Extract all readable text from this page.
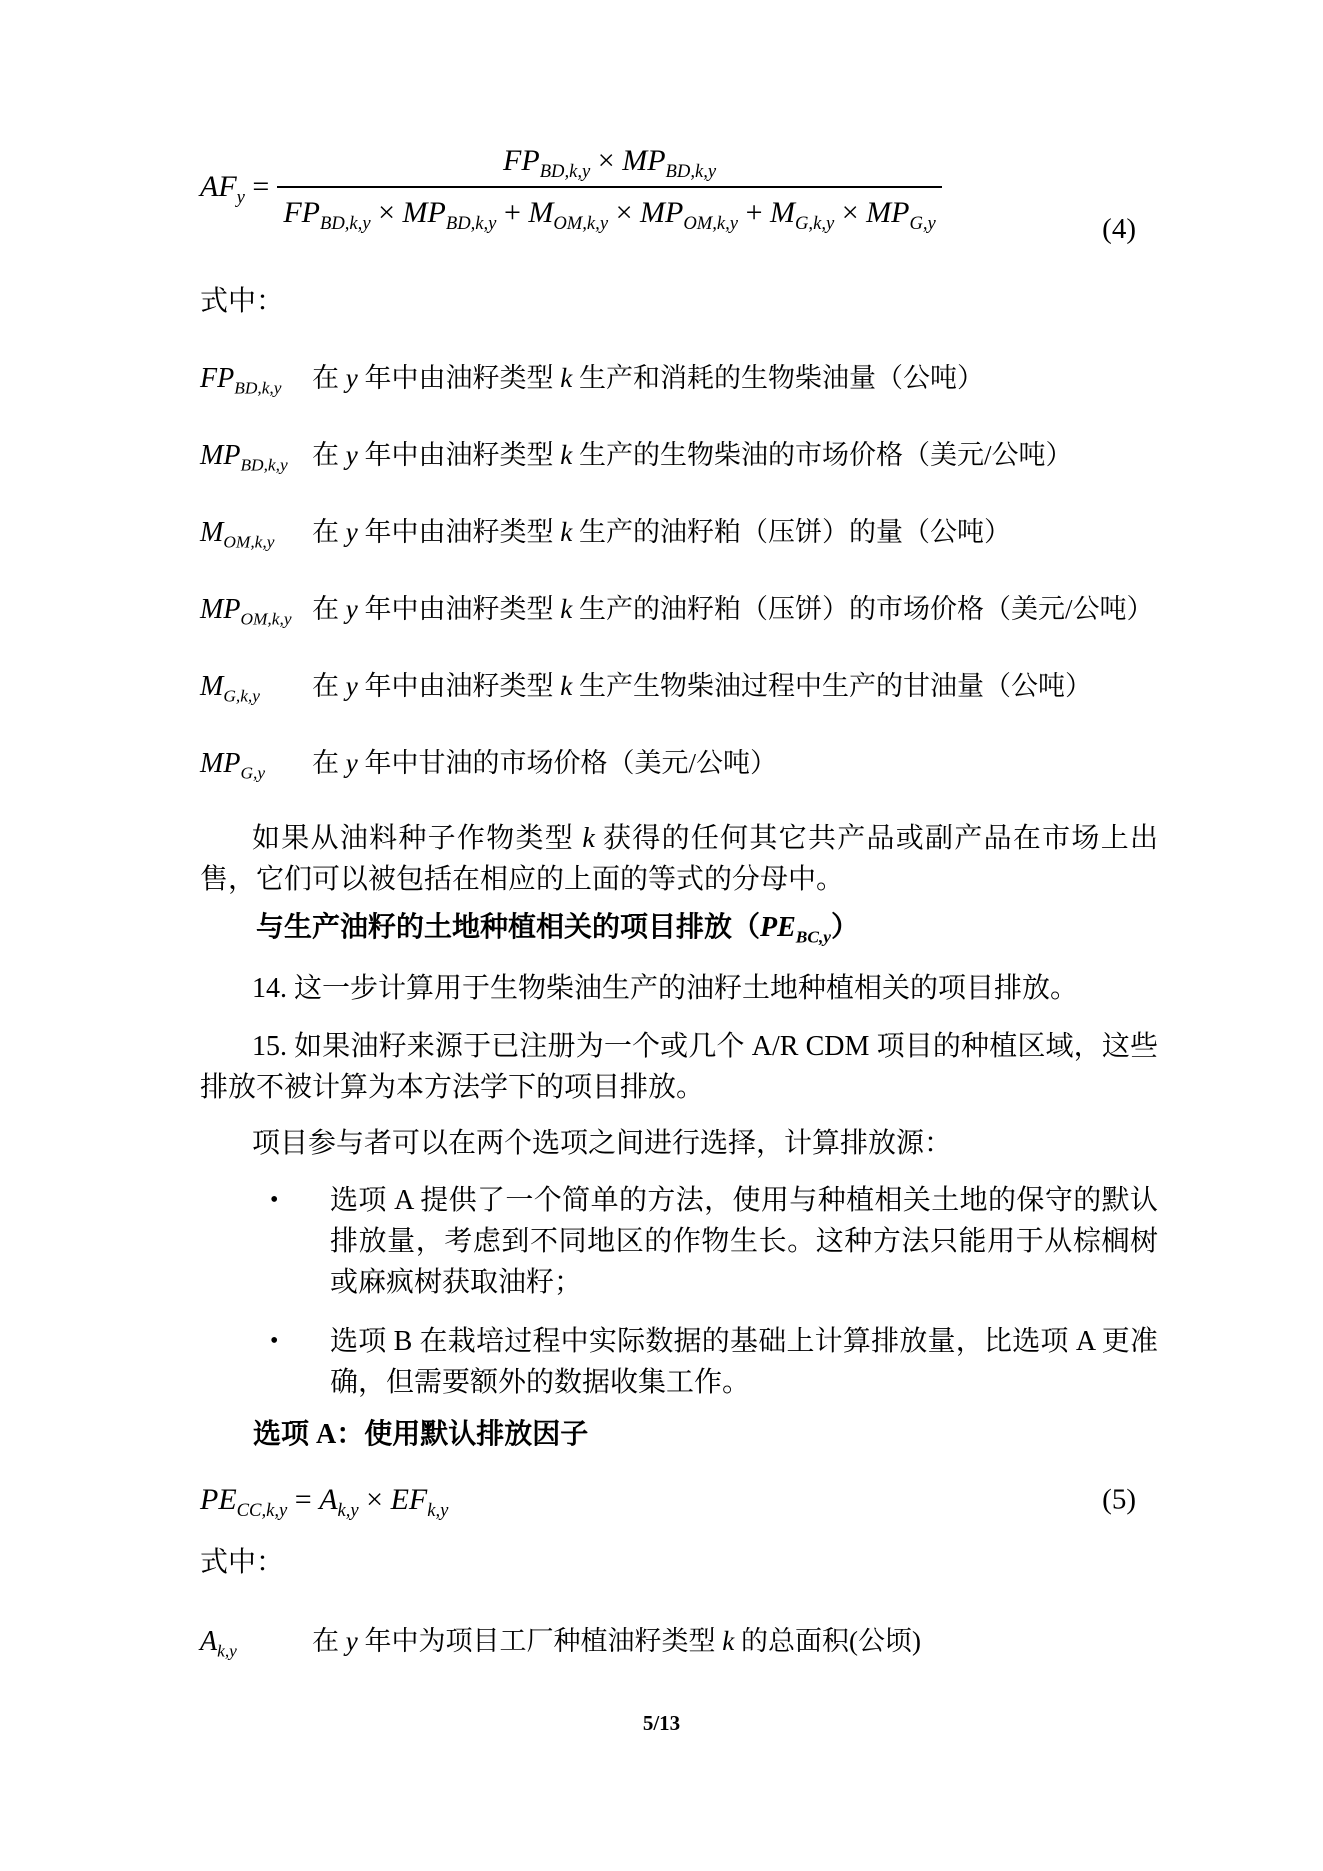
$AF_y = \frac{FP_{BD,k,y} \times MP_{BD,k,y}}{FP_{BD,k,y} \times MP_{BD,k,y} + M_{OM,k,y} \times MP_{OM,k,y} + M_{G,k,y} \times MP_{G,y}}$	(4)
式中：
$FP_{BD,k,y}$	在 y 年中由油籽类型 k 生产和消耗的生物柴油量（公吨）
$MP_{BD,k,y}$ 在 y 年中由油籽类型 k 生产的生物柴油的市场价格（美元/公吨）
$M_{OM,k,y}$	在 y 年中由油籽类型 k 生产的油籽粕（压饼）的量（公吨）
$MP_{OM,k,y}$ 在 y 年中由油籽类型 k 生产的油籽粕（压饼）的市场价格（美元/公吨）
$M_{G,k,y}$	在 y 年中由油籽类型 k 生产生物柴油过程中生产的甘油量（公吨）
$MP_{G,y}$	在 y 年中甘油的市场价格（美元/公吨）

如果从油料种子作物类型 k 获得的任何其它共产品或副产品在市场上出售，它们可以被包括在相应的上面的等式的分母中。

与生产油籽的土地种植相关的项目排放$(PE_{BC,y})$

14. 这一步计算用于生物柴油生产的油籽土地种植相关的项目排放。

15. 如果油籽来源于已注册为一个或几个 A/R CDM 项目的种植区域，这些排放不被计算为本方法学下的项目排放。

项目参与者可以在两个选项之间进行选择，计算排放源：

•	选项 A 提供了一个简单的方法，使用与种植相关土地的保守的默认排放量，考虑到不同地区的作物生长。这种方法只能用于从棕榈树或麻疯树获取油籽；
•	选项 B 在栽培过程中实际数据的基础上计算排放量，比选项 A 更准确，但需要额外的数据收集工作。
选项 A：使用默认排放因子
$PE_{CC,k,y} = A_{k,y} \times EF_{k,y}$	(5)
式中：
$A_{k,y}$	在 y 年中为项目工厂种植油籽类型 k 的总面积(公顷)
5/13
